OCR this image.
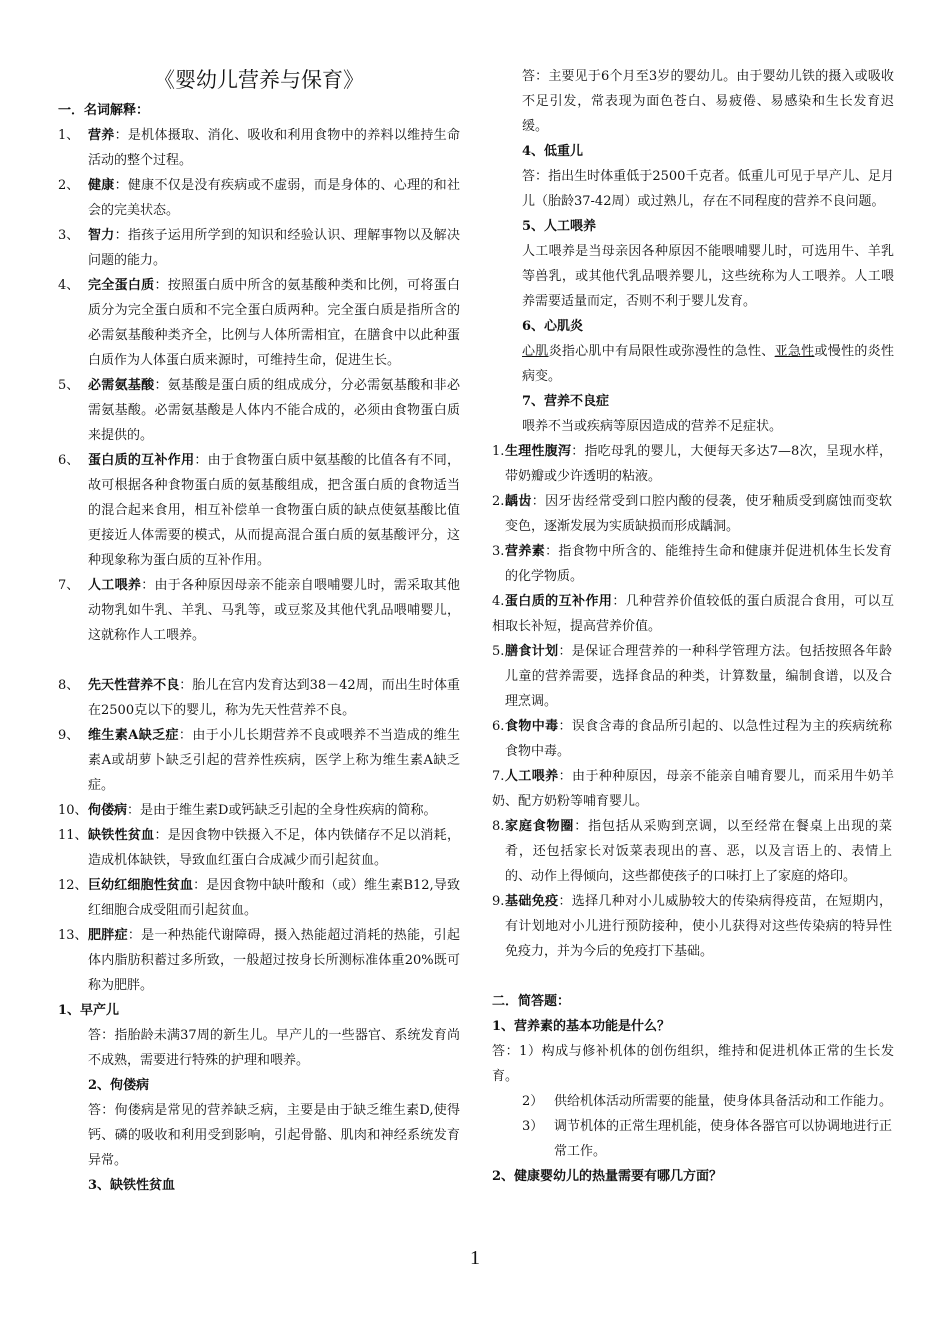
《婴幼儿营养与保育》

一．名词解释：

1、 营养：是机体摄取、消化、吸收和利用食物中的养料以维持生命活动的整个过程。
2、 健康：健康不仅是没有疾病或不虚弱，而是身体的、心理的和社会的完美状态。
3、 智力：指孩子运用所学到的知识和经验认识、理解事物以及解决问题的能力。
4、 完全蛋白质：按照蛋白质中所含的氨基酸种类和比例，可将蛋白质分为完全蛋白质和不完全蛋白质两种。完全蛋白质是指所含的必需氨基酸种类齐全，比例与人体所需相宜，在膳食中以此种蛋白质作为人体蛋白质来源时，可维持生命，促进生长。
5、 必需氨基酸：氨基酸是蛋白质的组成成分，分必需氨基酸和非必需氨基酸。必需氨基酸是人体内不能合成的，必须由食物蛋白质来提供的。
6、 蛋白质的互补作用：由于食物蛋白质中氨基酸的比值各有不同，故可根据各种食物蛋白质的氨基酸组成，把含蛋白质的食物适当的混合起来食用，相互补偿单一食物蛋白质的缺点使氨基酸比值更接近人体需要的模式，从而提高混合蛋白质的氨基酸评分，这种现象称为蛋白质的互补作用。
7、 人工喂养：由于各种原因母亲不能亲自喂哺婴儿时，需采取其他动物乳如牛乳、羊乳、马乳等，或豆浆及其他代乳品喂哺婴儿，这就称作人工喂养。
8、 先天性营养不良：胎儿在宫内发育达到38－42周，而出生时体重在2500克以下的婴儿，称为先天性营养不良。
9、 维生素A缺乏症：由于小儿长期营养不良或喂养不当造成的维生素A或胡萝卜缺乏引起的营养性疾病，医学上称为维生素A缺乏症。
10、 佝偻病：是由于维生素D或钙缺乏引起的全身性疾病的简称。
11、 缺铁性贫血：是因食物中铁摄入不足，体内铁储存不足以消耗，造成机体缺铁，导致血红蛋白合成减少而引起贫血。
12、 巨幼红细胞性贫血：是因食物中缺叶酸和（或）维生素B12,导致红细胞合成受阻而引起贫血。
13、 肥胖症：是一种热能代谢障碍，摄入热能超过消耗的热能，引起体内脂肪积蓄过多所致，一般超过按身长所测标准体重20%既可称为肥胖。

1、早产儿

答：指胎龄未满37周的新生儿。早产儿的一些器官、系统发育尚不成熟，需要进行特殊的护理和喂养。

2、佝偻病

答：佝偻病是常见的营养缺乏病，主要是由于缺乏维生素D,使得钙、磷的吸收和利用受到影响，引起骨骼、肌肉和神经系统发育异常。

3、缺铁性贫血

答：主要见于6个月至3岁的婴幼儿。由于婴幼儿铁的摄入或吸收不足引发，常表现为面色苍白、易疲倦、易感染和生长发育迟缓。

4、低重儿

答：指出生时体重低于2500千克者。低重儿可见于早产儿、足月儿（胎龄37-42周）或过熟儿，存在不同程度的营养不良问题。

5、人工喂养

人工喂养是当母亲因各种原因不能喂哺婴儿时，可选用牛、羊乳等兽乳，或其他代乳品喂养婴儿，这些统称为人工喂养。人工喂养需要适量而定，否则不利于婴儿发育。

6、心肌炎

心肌炎指心肌中有局限性或弥漫性的急性、亚急性或慢性的炎性病变。

7、营养不良症

喂养不当或疾病等原因造成的营养不足症状。

1. 生理性腹泻：指吃母乳的婴儿，大便每天多达7—8次，呈现水样，带奶瓣或少许透明的粘液。
2. 龋齿：因牙齿经常受到口腔内酸的侵袭，使牙釉质受到腐蚀而变软变色，逐渐发展为实质缺损而形成龋洞。
3. 营养素：指食物中所含的、能维持生命和健康并促进机体生长发育的化学物质。

4.蛋白质的互补作用：几种营养价值较低的蛋白质混合食用，可以互相取长补短，提高营养价值。

5. 膳食计划：是保证合理营养的一种科学管理方法。包括按照各年龄儿童的营养需要，选择食品的种类，计算数量，编制食谱，以及合理烹调。
6. 食物中毒：误食含毒的食品所引起的、以急性过程为主的疾病统称食物中毒。

7.人工喂养：由于种种原因，母亲不能亲自哺育婴儿，而采用牛奶羊奶、配方奶粉等哺育婴儿。

8. 家庭食物圈：指包括从采购到烹调，以至经常在餐桌上出现的菜肴，还包括家长对饭菜表现出的喜、恶，以及言语上的、表情上的、动作上得倾向，这些都使孩子的口味打上了家庭的烙印。
9. 基础免疫：选择几种对小儿威胁较大的传染病得疫苗，在短期内，有计划地对小儿进行预防接种，使小儿获得对这些传染病的特异性免疫力，并为今后的免疫打下基础。

二．简答题：

1、营养素的基本功能是什么？

答：1）构成与修补机体的创伤组织，维持和促进机体正常的生长发育。

2） 供给机体活动所需要的能量，使身体具备活动和工作能力。
3） 调节机体的正常生理机能，使身体各器官可以协调地进行正常工作。

2、健康婴幼儿的热量需要有哪几方面？

1
